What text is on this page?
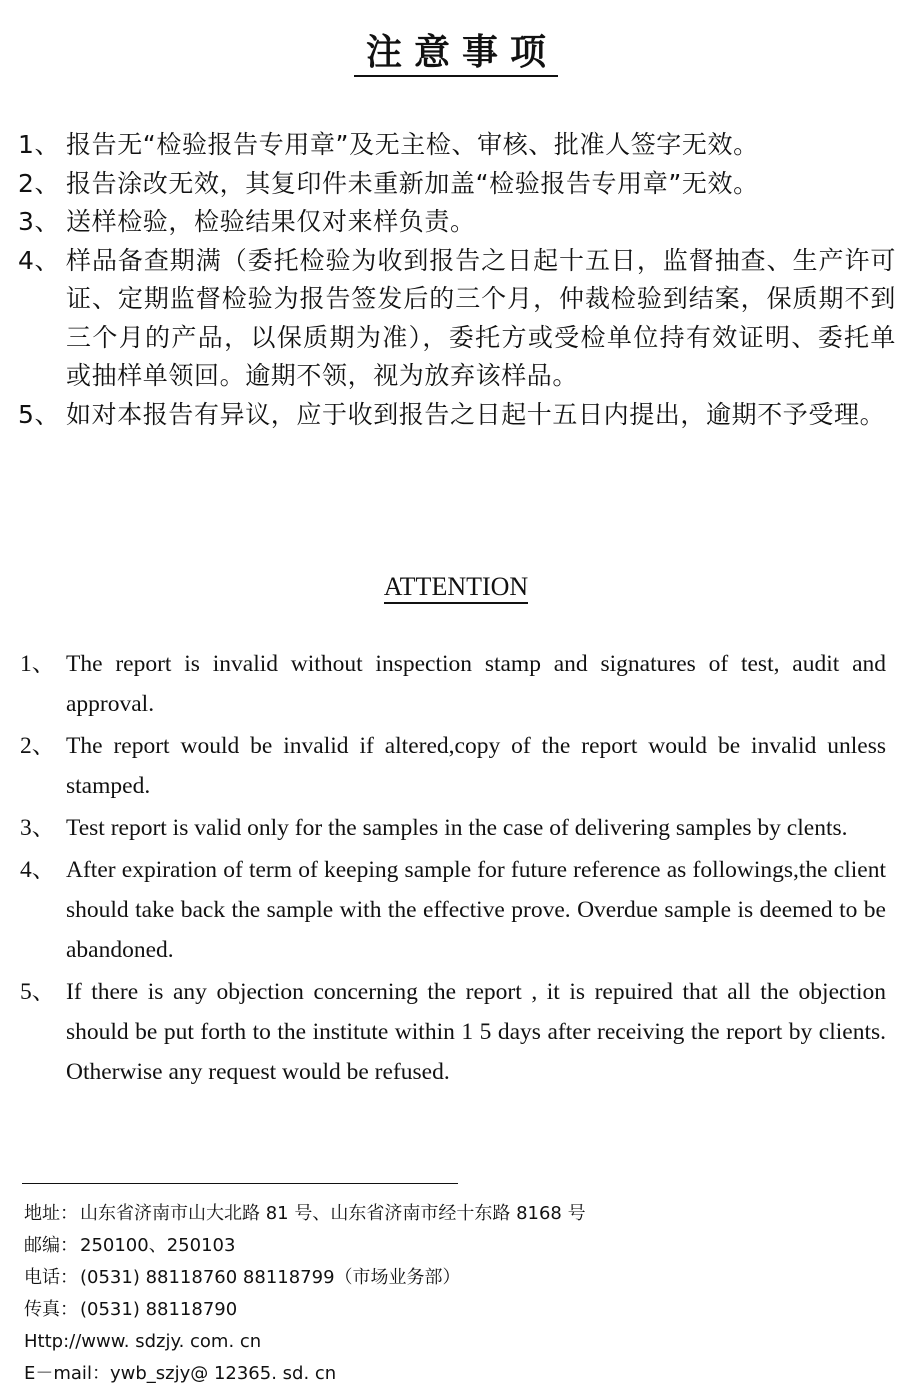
注意事项
1、 报告无“检验报告专用章”及无主检、审核、批准人签字无效。
2、 报告涂改无效，其复印件未重新加盖“检验报告专用章”无效。
3、 送样检验，检验结果仅对来样负责。
4、 样品备查期满（委托检验为收到报告之日起十五日，监督抽查、生产许可证、定期监督检验为报告签发后的三个月，仲裁检验到结案，保质期不到三个月的产品，以保质期为准），委托方或受检单位持有效证明、委托单或抽样单领回。逾期不领，视为放弃该样品。
5、 如对本报告有异议，应于收到报告之日起十五日内提出，逾期不予受理。
ATTENTION
1、 The report is invalid without inspection stamp and signatures of test, audit and approval.
2、 The report would be invalid if altered,copy of the report would be invalid unless stamped.
3、 Test report is valid only for the samples in the case of delivering samples by clents.
4、 After expiration of term of keeping sample for future reference as followings,the client should take back the sample with the effective prove. Overdue sample is deemed to be abandoned.
5、 If there is any objection concerning the report , it is repuired that all the objection should be put forth to the institute within 1 5 days after receiving the report by clients. Otherwise any request would be refused.
地址： 山东省济南市山大北路 81 号、山东省济南市经十东路 8168 号
邮编： 250100、250103
电话： (0531) 88118760 88118799（市场业务部）
传真： (0531) 88118790
Http://www. sdzjy. com. cn
E－mail：ywb_szjy@ 12365. sd. cn
